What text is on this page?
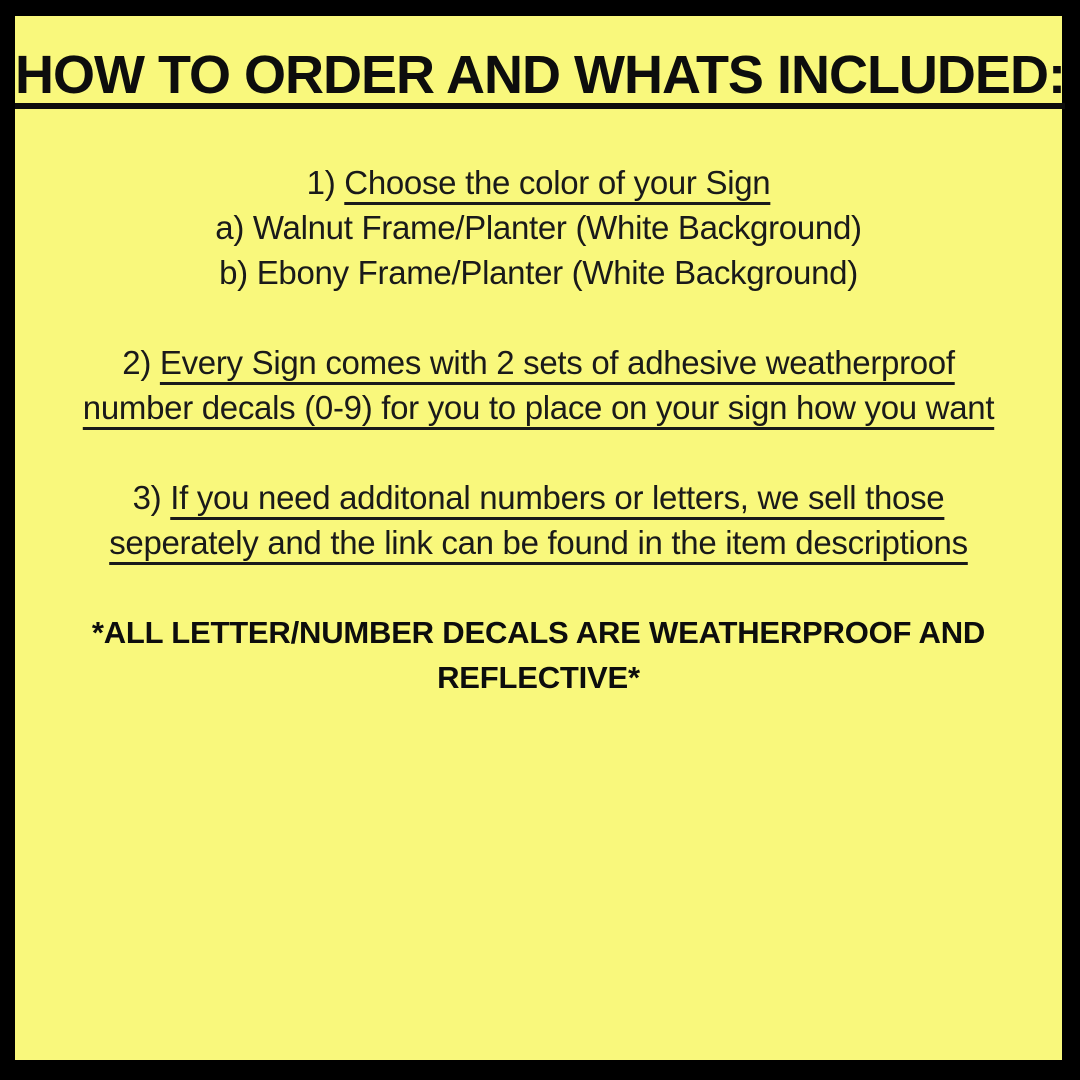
HOW TO ORDER AND WHATS INCLUDED:
1) Choose the color of your Sign
a) Walnut Frame/Planter (White Background)
b) Ebony Frame/Planter (White Background)
2) Every Sign comes with 2 sets of adhesive weatherproof
number decals (0-9) for you to place on your sign how you want
3) If you need additonal numbers or letters, we sell those
seperately and the link can be found in the item descriptions
*ALL LETTER/NUMBER DECALS ARE WEATHERPROOF AND
REFLECTIVE*
